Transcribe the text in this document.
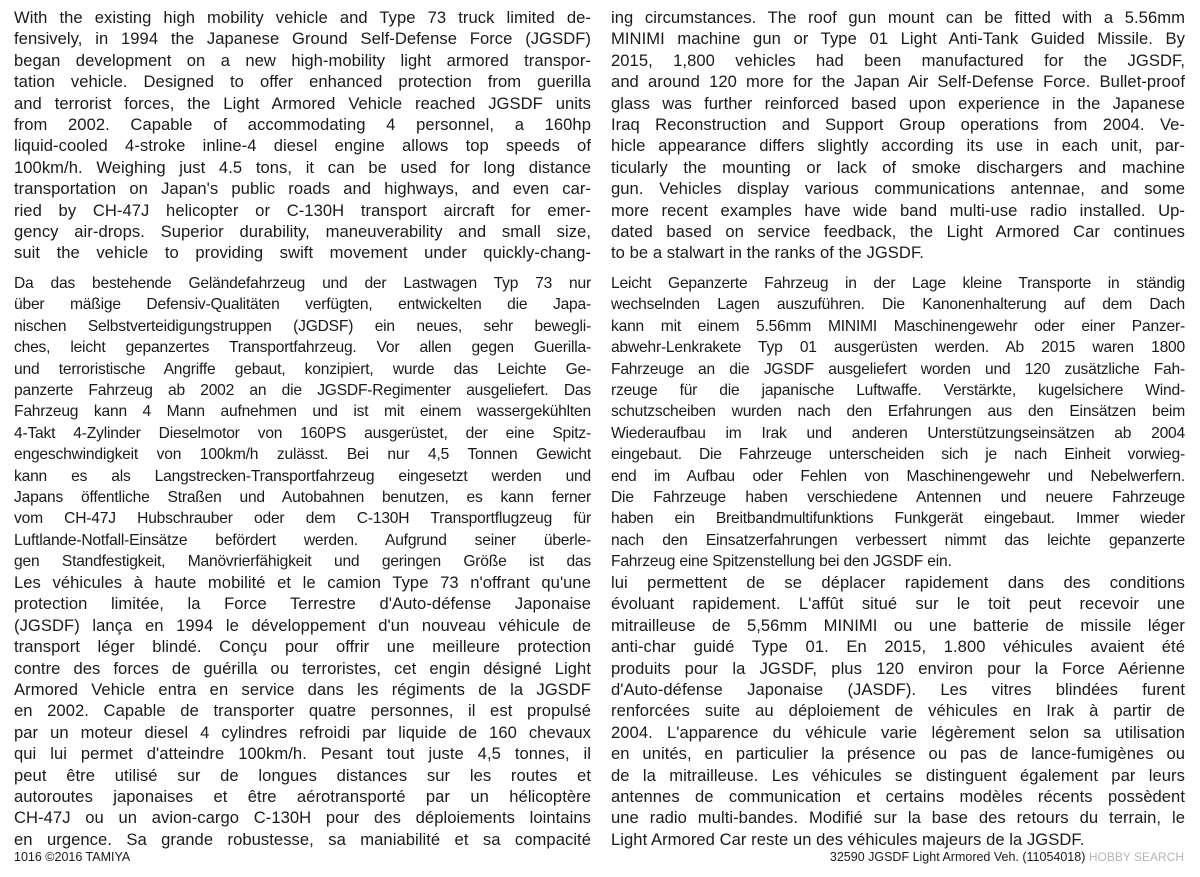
With the existing high mobility vehicle and Type 73 truck limited de-
fensively, in 1994 the Japanese Ground Self-Defense Force (JGSDF)
began development on a new high-mobility light armored transpor-
tation vehicle. Designed to offer enhanced protection from guerilla
and terrorist forces, the Light Armored Vehicle reached JGSDF units
from 2002. Capable of accommodating 4 personnel, a 160hp
liquid-cooled 4-stroke inline-4 diesel engine allows top speeds of
100km/h. Weighing just 4.5 tons, it can be used for long distance
transportation on Japan's public roads and highways, and even car-
ried by CH-47J helicopter or C-130H transport aircraft for emer-
gency air-drops. Superior durability, maneuverability and small size,
suit the vehicle to providing swift movement under quickly-chang-
Da das bestehende Geländefahrzeug und der Lastwagen Typ 73 nur
über mäßige Defensiv-Qualitäten verfügten, entwickelten die Japa-
nischen Selbstverteidigungstruppen (JGDSF) ein neues, sehr bewegli-
ches, leicht gepanzertes Transportfahrzeug. Vor allen gegen Guerilla-
und terroristische Angriffe gebaut, konzipiert, wurde das Leichte Ge-
panzerte Fahrzeug ab 2002 an die JGSDF-Regimenter ausgeliefert. Das
Fahrzeug kann 4 Mann aufnehmen und ist mit einem wassergekühlten
4-Takt 4-Zylinder Dieselmotor von 160PS ausgerüstet, der eine Spitz-
engeschwindigkeit von 100km/h zulässt. Bei nur 4,5 Tonnen Gewicht
kann es als Langstrecken-Transportfahrzeug eingesetzt werden und
Japans öffentliche Straßen und Autobahnen benutzen, es kann ferner
vom CH-47J Hubschrauber oder dem C-130H Transportflugzeug für
Luftlande-Notfall-Einsätze befördert werden. Aufgrund seiner überle-
gen Standfestigkeit, Manövrierfähigkeit und geringen Größe ist das
Les véhicules à haute mobilité et le camion Type 73 n'offrant qu'une
protection limitée, la Force Terrestre d'Auto-défense Japonaise
(JGSDF) lança en 1994 le développement d'un nouveau véhicule de
transport léger blindé. Conçu pour offrir une meilleure protection
contre des forces de guérilla ou terroristes, cet engin désigné Light
Armored Vehicle entra en service dans les régiments de la JGSDF
en 2002. Capable de transporter quatre personnes, il est propulsé
par un moteur diesel 4 cylindres refroidi par liquide de 160 chevaux
qui lui permet d'atteindre 100km/h. Pesant tout juste 4,5 tonnes, il
peut être utilisé sur de longues distances sur les routes et
autoroutes japonaises et être aérotransporté par un hélicoptère
CH-47J ou un avion-cargo C-130H pour des déploiements lointains
en urgence. Sa grande robustesse, sa maniabilité et sa compacité
ing circumstances. The roof gun mount can be fitted with a 5.56mm
MINIMI machine gun or Type 01 Light Anti-Tank Guided Missile. By
2015, 1,800 vehicles had been manufactured for the JGSDF,
and around 120 more for the Japan Air Self-Defense Force. Bullet-proof
glass was further reinforced based upon experience in the Japanese
Iraq Reconstruction and Support Group operations from 2004. Ve-
hicle appearance differs slightly according its use in each unit, par-
ticularly the mounting or lack of smoke dischargers and machine
gun. Vehicles display various communications antennae, and some
more recent examples have wide band multi-use radio installed. Up-
dated based on service feedback, the Light Armored Car continues
to be a stalwart in the ranks of the JGSDF.
Leicht Gepanzerte Fahrzeug in der Lage kleine Transporte in ständig
wechselnden Lagen auszuführen. Die Kanonenhalterung auf dem Dach
kann mit einem 5.56mm MINIMI Maschinengewehr oder einer Panzer-
abwehr-Lenkrakete Typ 01 ausgerüsten werden. Ab 2015 waren 1800
Fahrzeuge an die JGSDF ausgeliefert worden und 120 zusätzliche Fah-
rzeuge für die japanische Luftwaffe. Verstärkte, kugelsichere Wind-
schutzscheiben wurden nach den Erfahrungen aus den Einsätzen beim
Wiederaufbau im Irak und anderen Unterstützungseinsätzen ab 2004
eingebaut. Die Fahrzeuge unterscheiden sich je nach Einheit vorwieg-
end im Aufbau oder Fehlen von Maschinengewehr und Nebelwerfern.
Die Fahrzeuge haben verschiedene Antennen und neuere Fahrzeuge
haben ein Breitbandmultifunktions Funkgerät eingebaut. Immer wieder
nach den Einsatzerfahrungen verbessert nimmt das leichte gepanzerte
Fahrzeug eine Spitzenstellung bei den JGSDF ein.
lui permettent de se déplacer rapidement dans des conditions
évoluant rapidement. L'affût situé sur le toit peut recevoir une
mitrailleuse de 5,56mm MINIMI ou une batterie de missile léger
anti-char guidé Type 01. En 2015, 1.800 véhicules avaient été
produits pour la JGSDF, plus 120 environ pour la Force Aérienne
d'Auto-défense Japonaise (JASDF). Les vitres blindées furent
renforcées suite au déploiement de véhicules en Irak à partir de
2004. L'apparence du véhicule varie légèrement selon sa utilisation
en unités, en particulier la présence ou pas de lance-fumigènes ou
de la mitrailleuse. Les véhicules se distinguent également par leurs
antennes de communication et certains modèles récents possèdent
une radio multi-bandes. Modifié sur la base des retours du terrain, le
Light Armored Car reste un des véhicules majeurs de la JGSDF.
1016 ©2016 TAMIYA	32590 JGSDF Light Armored Veh. (11054018) HOBBY SEARCH
